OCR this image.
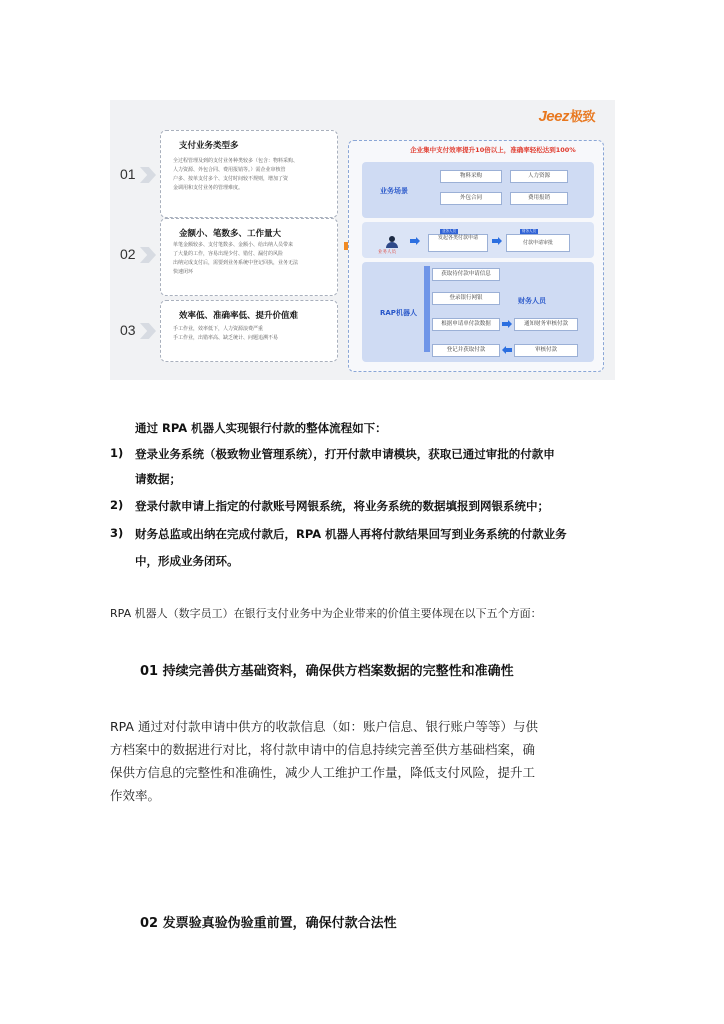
Jeez极致
01
支付业务类型多

全过程管理及到的支付业务种类较多（包含：物料采购、

人力资源、外包合同、费用报销等。）需企业审核管

户多、按单支付多个、支付时间较不规则，增加了资

金调用和支付业务的管理难度。

02
金额小、笔数多、工作量大

单笔金额较多、支付笔数多、金额小、给出纳人员带来

了大量的工作，容易出现少付、错付、漏付的风险

出纳完成支付后，需要到业务系统中登记回执，业务无法

快速闭环

03
效率低、准确率低、提升价值难

手工作业，效率低下，人力资源浪费严重

手工作业，出错率高、缺乏统计、问题追溯不易

企业集中支付效率提升10倍以上，准确率轻松达到100%
业务场景
物料采购	人力资源
外包合同	费用报销
业务人员
业务人员
发起各类付款申请
财务人员
付款申请审批
RAP机器人
获取待付款申请信息
登录银行网银
根据申请单付款数据
登记并获取付款
财务人员
通知财务审核付款
审核付款
通过 RPA 机器人实现银行付款的整体流程如下：
1) 登录业务系统（极致物业管理系统），打开付款申请模块，获取已通过审批的付款申
请数据；
2) 登录付款申请上指定的付款账号网银系统，将业务系统的数据填报到网银系统中；
3) 财务总监或出纳在完成付款后，RPA 机器人再将付款结果回写到业务系统的付款业务
中，形成业务闭环。
RPA 机器人（数字员工）在银行支付业务中为企业带来的价值主要体现在以下五个方面：
01 持续完善供方基础资料，确保供方档案数据的完整性和准确性
RPA 通过对付款申请中供方的收款信息（如：账户信息、银行账户等等）与供
方档案中的数据进行对比，将付款申请中的信息持续完善至供方基础档案，确
保供方信息的完整性和准确性，减少人工维护工作量，降低支付风险，提升工
作效率。
02 发票验真验伪验重前置，确保付款合法性
